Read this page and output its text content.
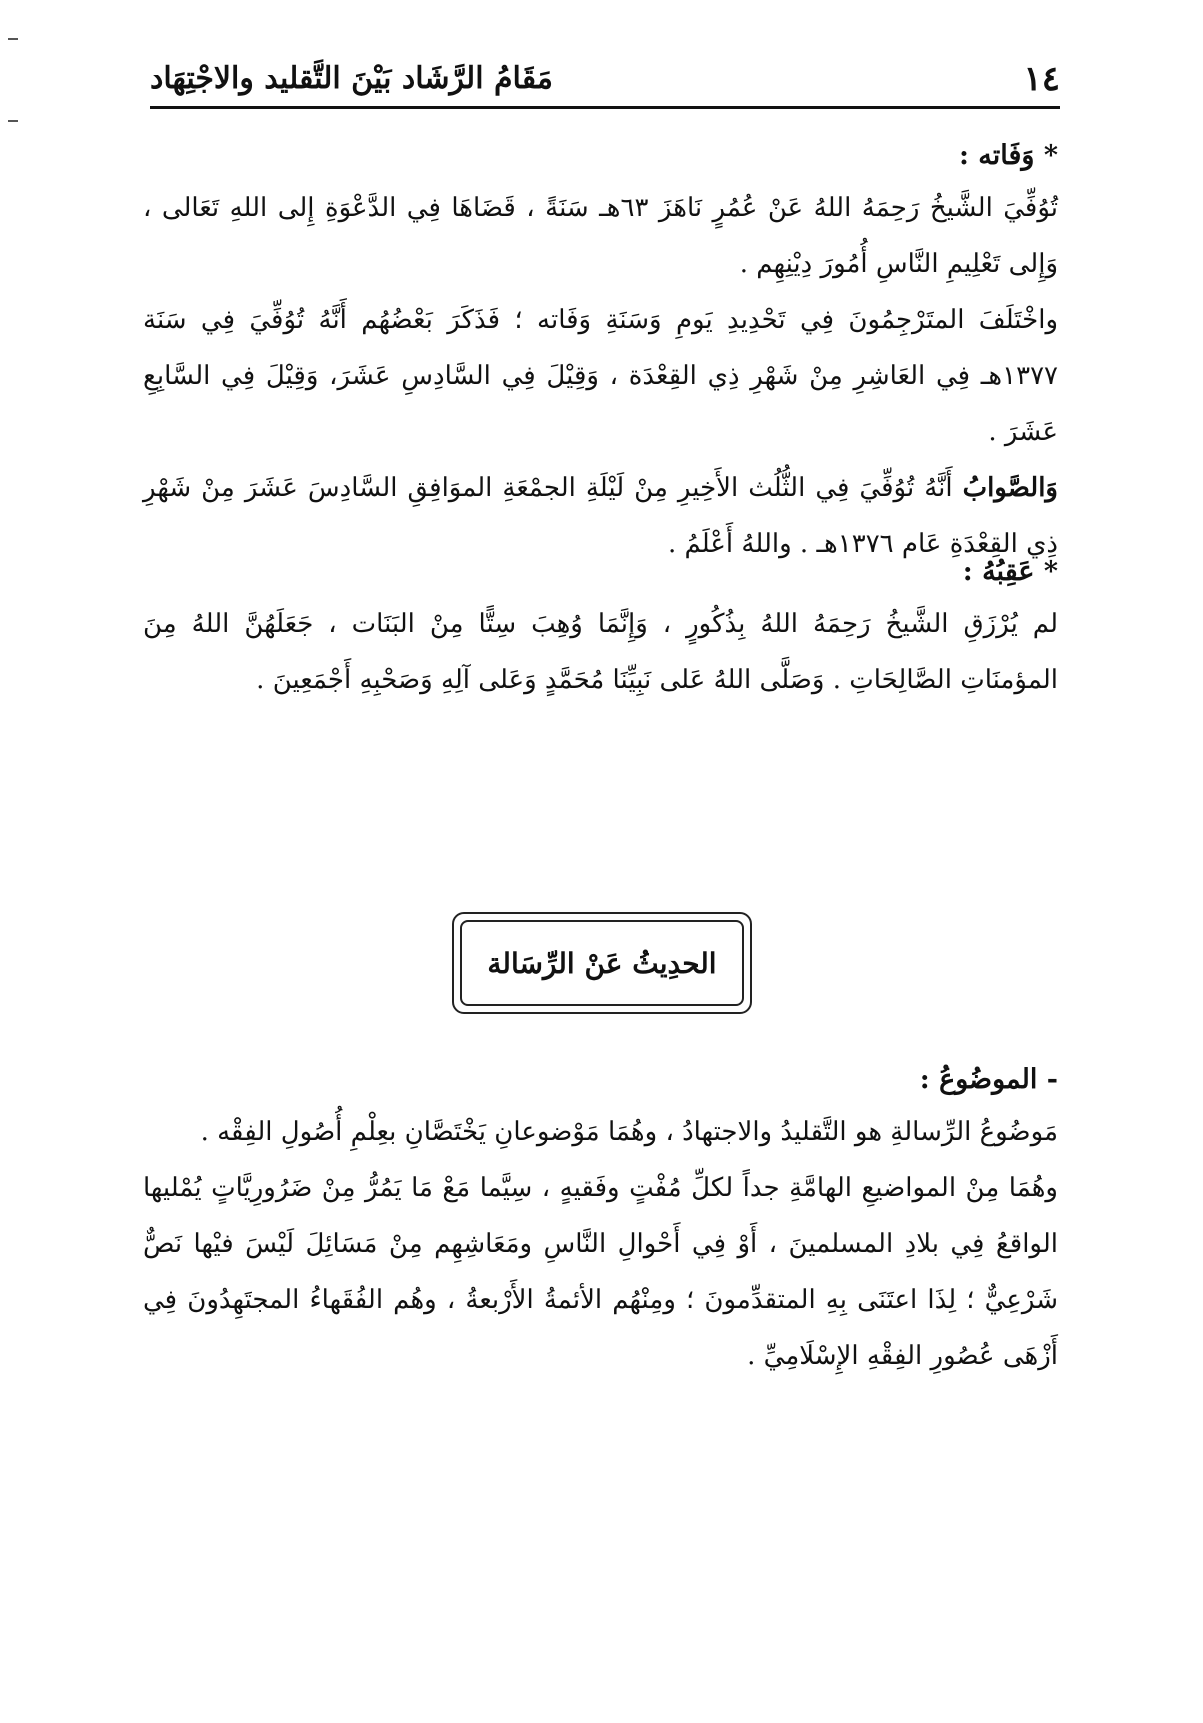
١٤
مَقَامُ الرَّشَاد بَيْنَ التَّقليد والاجْتِهَاد

* وَفَاته :

تُوُفِّيَ الشَّيخُ رَحِمَهُ اللهُ عَنْ عُمُرٍ نَاهَزَ ٦٣هـ سَنَةً ، قَضَاهَا فِي الدَّعْوَةِ إِلى اللهِ تَعَالى ، وَإِلى تَعْلِيمِ النَّاسِ أُمُورَ دِيْنِهِم .

واخْتَلَفَ المتَرْجِمُونَ فِي تَحْدِيدِ يَومِ وَسَنَةِ وَفَاته ؛ فَذَكَرَ بَعْضُهُم أَنَّهُ تُوُفِّيَ فِي سَنَة ١٣٧٧هـ فِي العَاشِرِ مِنْ شَهْرِ ذِي القِعْدَة ، وَقِيْلَ فِي السَّادِسِ عَشَرَ، وَقِيْلَ فِي السَّابِعِ عَشَرَ .

وَالصَّوابُ أَنَّهُ تُوُفِّيَ فِي الثُّلُث الأَخِيرِ مِنْ لَيْلَةِ الجمْعَةِ الموَافِقِ السَّادِسَ عَشَرَ مِنْ شَهْرِ ذِي القِعْدَةِ عَام ١٣٧٦هـ . واللهُ أَعْلَمُ .

* عَقِبُهُ :

لم يُرْزَقِ الشَّيخُ رَحِمَهُ اللهُ بِذُكُورٍ ، وَإِنَّمَا وُهِبَ سِتًّا مِنْ البَنَات ، جَعَلَهُنَّ اللهُ مِنَ المؤمنَاتِ الصَّالِحَاتِ . وَصَلَّى اللهُ عَلى نَبِيِّنَا مُحَمَّدٍ وَعَلى آلِهِ وَصَحْبِهِ أَجْمَعِينَ .

الحدِيثُ عَنْ الرِّسَالة

- الموضُوعُ :

مَوضُوعُ الرِّسالةِ هو التَّقليدُ والاجتهادُ ، وهُمَا مَوْضوعانِ يَخْتَصَّانِ بعِلْمِ أُصُولِ الفِقْه .

وهُمَا مِنْ المواضيعِ الهامَّةِ جداً لكلِّ مُفْتٍ وفَقيهٍ ، سِيَّما مَعْ مَا يَمُرُّ مِنْ ضَرُورِيَّاتٍ يُمْليها الواقعُ فِي بلادِ المسلمينَ ، أَوْ فِي أَحْوالِ النَّاسِ ومَعَاشِهِم مِنْ مَسَائِلَ لَيْسَ فيْها نَصٌّ شَرْعِيٌّ ؛ لِذَا اعتَنَى بِهِ المتقدِّمونَ ؛ ومِنْهُم الأئمةُ الأَرْبعةُ ، وهُم الفُقَهاءُ المجتَهِدُونَ فِي أَزْهَى عُصُورِ الفِقْهِ الإِسْلَامِيِّ .
